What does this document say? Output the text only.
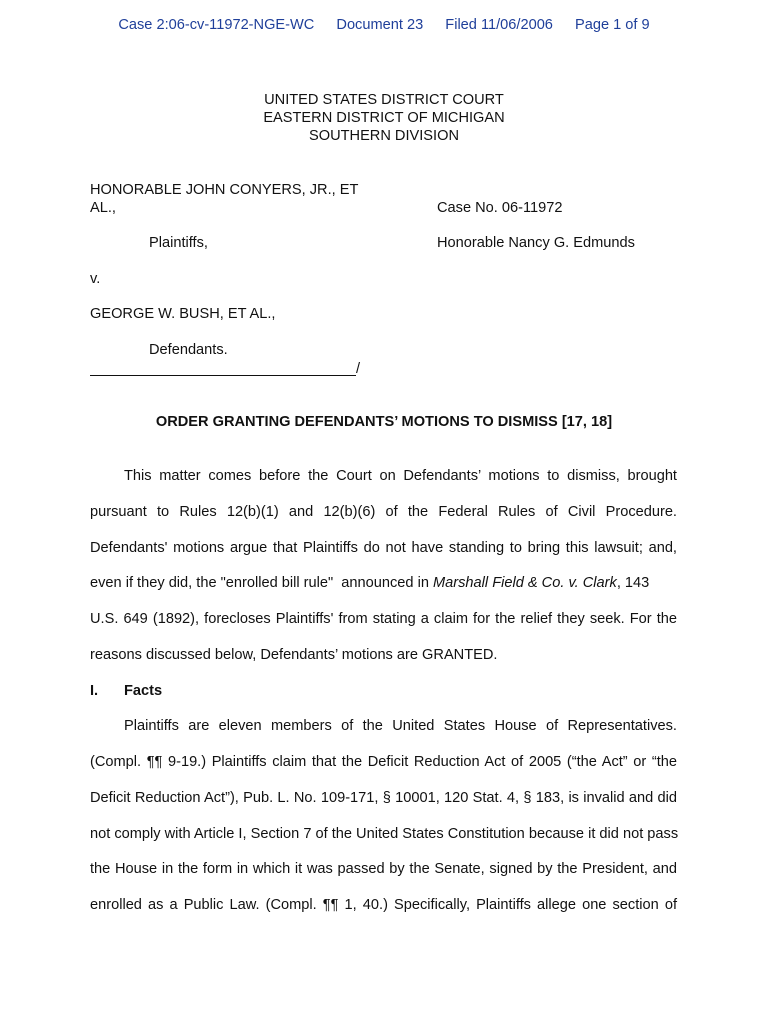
Case 2:06-cv-11972-NGE-WC Document 23 Filed 11/06/2006 Page 1 of 9
UNITED STATES DISTRICT COURT
EASTERN DISTRICT OF MICHIGAN
SOUTHERN DIVISION
HONORABLE JOHN CONYERS, JR., ET
AL.,
Plaintiffs,
v.
GEORGE W. BUSH, ET AL.,
Defendants.
/
Case No. 06-11972
Honorable Nancy G. Edmunds
ORDER GRANTING DEFENDANTS’ MOTIONS TO DISMISS [17, 18]
This matter comes before the Court on Defendants’ motions to dismiss, brought
pursuant to Rules 12(b)(1) and 12(b)(6) of the Federal Rules of Civil Procedure.
Defendants' motions argue that Plaintiffs do not have standing to bring this lawsuit; and,
even if they did, the "enrolled bill rule"  announced in Marshall Field & Co. v. Clark, 143
U.S. 649 (1892), forecloses Plaintiffs' from stating a claim for the relief they seek. For the
reasons discussed below, Defendants’ motions are GRANTED.
I. Facts
Plaintiffs are eleven members of the United States House of Representatives.
(Compl. ¶¶ 9-19.) Plaintiffs claim that the Deficit Reduction Act of 2005 (“the Act” or “the
Deficit Reduction Act”), Pub. L. No. 109-171, § 10001, 120 Stat. 4, § 183, is invalid and did
not comply with Article I, Section 7 of the United States Constitution because it did not pass
the House in the form in which it was passed by the Senate, signed by the President, and
enrolled as a Public Law. (Compl. ¶¶ 1, 40.) Specifically, Plaintiffs allege one section of
